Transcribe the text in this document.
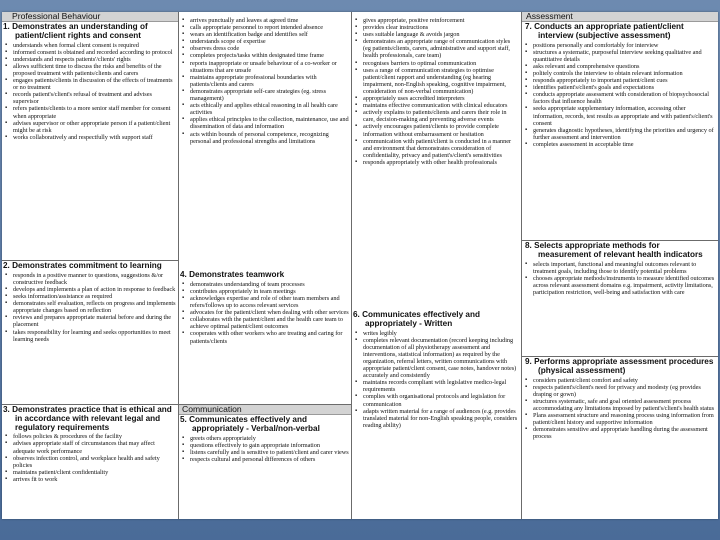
Professional Behaviour
1. Demonstrates an understanding of patient/client rights and consent
▪ understands when formal client consent is required
▪ informed consent is obtained and recorded according to protocol
▪ understands and respects patients'/clients' rights
▪ allows sufficient time to discuss the risks and benefits of the proposed treatment with patients/clients and carers
▪ engages patients/clients in discussion of the effects of treatments or no treatment
▪ records patient's/client's refusal of treatment and advises supervisor
▪ refers patients/clients to a more senior staff member for consent when appropriate
▪ advises supervisor or other appropriate person if a patient/client might be at risk
▪ works collaboratively and respectfully with support staff
2. Demonstrates commitment to learning
▪ responds in a positive manner to questions, suggestions &/or constructive feedback
▪ develops and implements a plan of action in response to feedback
▪ seeks information/assistance as required
▪ demonstrates self evaluation, reflects on progress and implements appropriate changes based on reflection
▪ reviews and prepares appropriate material before and during the placement
▪ takes responsibility for learning and seeks opportunities to meet learning needs
3. Demonstrates practice that is ethical and in accordance with relevant legal and regulatory requirements
▪ follows policies & procedures of the facility
▪ advises appropriate staff of circumstances that may affect adequate work performance
▪ observes infection control, and workplace health and safety policies
▪ maintains patient/client confidentiality
▪ arrives fit to work
▪ arrives punctually and leaves at agreed time
▪ calls appropriate personnel to report intended absence
▪ wears an identification badge and identifies self
▪ understands scope of expertise
▪ observes dress code
▪ completes projects/tasks within designated time frame
▪ reports inappropriate or unsafe behaviour of a co-worker or situations that are unsafe
▪ maintains appropriate professional boundaries with patients/clients and carers
▪ demonstrates appropriate self-care strategies (eg. stress management)
▪ acts ethically and applies ethical reasoning in all health care activities
▪ applies ethical principles to the collection, maintenance, use and dissemination of data and information
▪ acts within bounds of personal competence, recognizing personal and professional strengths and limitations
4. Demonstrates teamwork
▪ demonstrates understanding of team processes
▪ contributes appropriately in team meetings
▪ acknowledges expertise and role of other team members and refers/follows up to access relevant services
▪ advocates for the patient/client when dealing with other services
▪ collaborates with the patient/client and the health care team to achieve optimal patient/client outcomes
▪ cooperates with other workers who are treating and caring for patients/clients
Communication
5. Communicates effectively and appropriately - Verbal/non-verbal
▪ greets others appropriately
▪ questions effectively to gain appropriate information
▪ listens carefully and is sensitive to patient/client and carer views
▪ respects cultural and personal differences of others
▪ gives appropriate, positive reinforcement
▪ provides clear instructions
▪ uses suitable language & avoids jargon
▪ demonstrates an appropriate range of communication styles (eg patients/clients, carers, administrative and support staff, health professionals, care team)
▪ recognises barriers to optimal communication
▪ uses a range of communication strategies to optimise patient/client rapport and understanding (eg hearing impairment, non-English speaking, cognitive impairment, consideration of non-verbal communication)
▪ appropriately uses accredited interpreters
▪ maintains effective communication with clinical educators
▪ actively explains to patients/clients and carers their role in care, decision-making and preventing adverse events
▪ actively encourages patient/clients to provide complete information without embarrassment or hesitation
▪ communication with patient/client is conducted in a manner and environment that demonstrates consideration of confidentiality, privacy and patient's/client's sensitivities
▪ responds appropriately with other health professionals
6. Communicates effectively and appropriately - Written
▪ writes legibly
▪ completes relevant documentation (record keeping including documentation of all physiotherapy assessment and interventions, statistical information) as required by the organization, referral letters, written communications with appropriate patient/client consent, case notes, handover notes) accurately and consistently
▪ maintains records compliant with legislative medico-legal requirements
▪ complies with organisational protocols and legislation for communication
▪ adapts written material for a range of audiences (e.g. provides translated material for non-English speaking people, considers reading ability)
Assessment
7. Conducts an appropriate patient/client interview (subjective assessment)
▪ positions personally and comfortably for interview
▪ structures a systematic, purposeful interview seeking qualitative and quantitative details
▪ asks relevant and comprehensive questions
▪ politely controls the interview to obtain relevant information
▪ responds appropriately to important patient/client cues
▪ identifies patient's/client's goals and expectations
▪ conducts appropriate assessment with consideration of biopsychosocial factors that influence health
▪ seeks appropriate supplementary information, accessing other information, records, test results as appropriate and with patient's/client's consent
▪ generates diagnostic hypotheses, identifying the priorities and urgency of further assessment and intervention
▪ completes assessment in acceptable time
8. Selects appropriate methods for measurement of relevant health indicators
▪ selects important, functional and meaningful outcomes relevant to treatment goals, including those to identify potential problems
▪ chooses appropriate methods/instruments to measure identified outcomes across relevant assessment domains e.g. impairment, activity limitations, participation restriction, well-being and satisfaction with care
9. Performs appropriate assessment procedures (physical assessment)
▪ considers patient/client comfort and safety
▪ respects patient's/client's need for privacy and modesty (eg provides draping or gown)
▪ structures systematic, safe and goal oriented assessment process accommodating any limitations imposed by patient's/client's health status
▪ Plans assessment structure and reasoning process using information from patient/client history and supportive information
▪ demonstrates sensitive and appropriate handling during the assessment process
